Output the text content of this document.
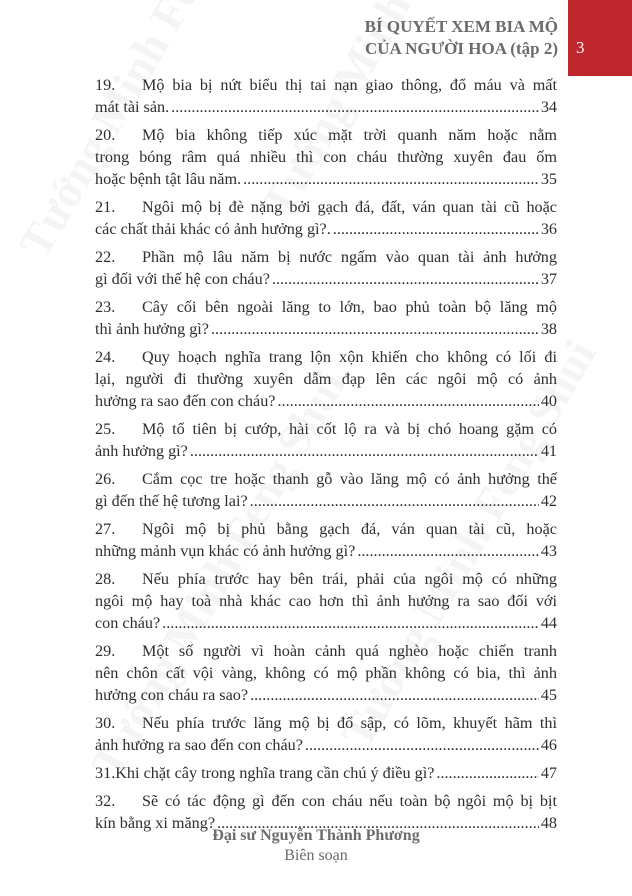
BÍ QUYẾT XEM BIA MỘ
CỦA NGƯỜI HOA (tập 2) 3
19.	Mộ bia bị nứt biểu thị tai nạn giao thông, đổ máu và mất
mát tài sản. .....	34
20.	Mộ bia không tiếp xúc mặt trời quanh năm hoặc nằm
trong bóng râm quá nhiều thì con cháu thường xuyên đau ốm
hoặc bệnh tật lâu năm. .....	35
21.	Ngôi mộ bị đè nặng bởi gạch đá, đất, ván quan tài cũ hoặc
các chất thải khác có ảnh hưởng gì?. .....	36
22.	Phần mộ lâu năm bị nước ngấm vào quan tài ảnh hưởng
gì đối với thế hệ con cháu? .....	37
23.	Cây cối bên ngoài lăng to lớn, bao phủ toàn bộ lăng mộ
thì ảnh hưởng gì? .....	38
24.	Quy hoạch nghĩa trang lộn xộn khiến cho không có lối đi
lại, người đi thường xuyên dẫm đạp lên các ngôi mộ có ảnh
hưởng ra sao đến con cháu? .....	40
25.	Mộ tổ tiên bị cướp, hài cốt lộ ra và bị chó hoang gặm có
ảnh hưởng gì? .....	41
26.	Cắm cọc tre hoặc thanh gỗ vào lăng mộ có ảnh hưởng thế
gì đến thế hệ tương lai? .....	42
27.	Ngôi mộ bị phủ bằng gạch đá, ván quan tài cũ, hoặc
những mảnh vụn khác có ảnh hưởng gì? .....	43
28.	Nếu phía trước hay bên trái, phải của ngôi mộ có những
ngôi mộ hay toà nhà khác cao hơn thì ảnh hưởng ra sao đối với
con cháu? .....	44
29.	Một số người vì hoàn cảnh quá nghèo hoặc chiến tranh
nên chôn cất vội vàng, không có mộ phần không có bia, thì ảnh
hưởng con cháu ra sao? .....	45
30.	Nếu phía trước lăng mộ bị đổ sập, có lõm, khuyết hãm thì
ảnh hưởng ra sao đến con cháu? .....	46
31. Khi chặt cây trong nghĩa trang cần chú ý điều gì? .....	47
32.	Sẽ có tác động gì đến con cháu nếu toàn bộ ngôi mộ bị bịt
kín bằng xi măng? .....	48
Đại sư Nguyễn Thành Phương
Biên soạn
